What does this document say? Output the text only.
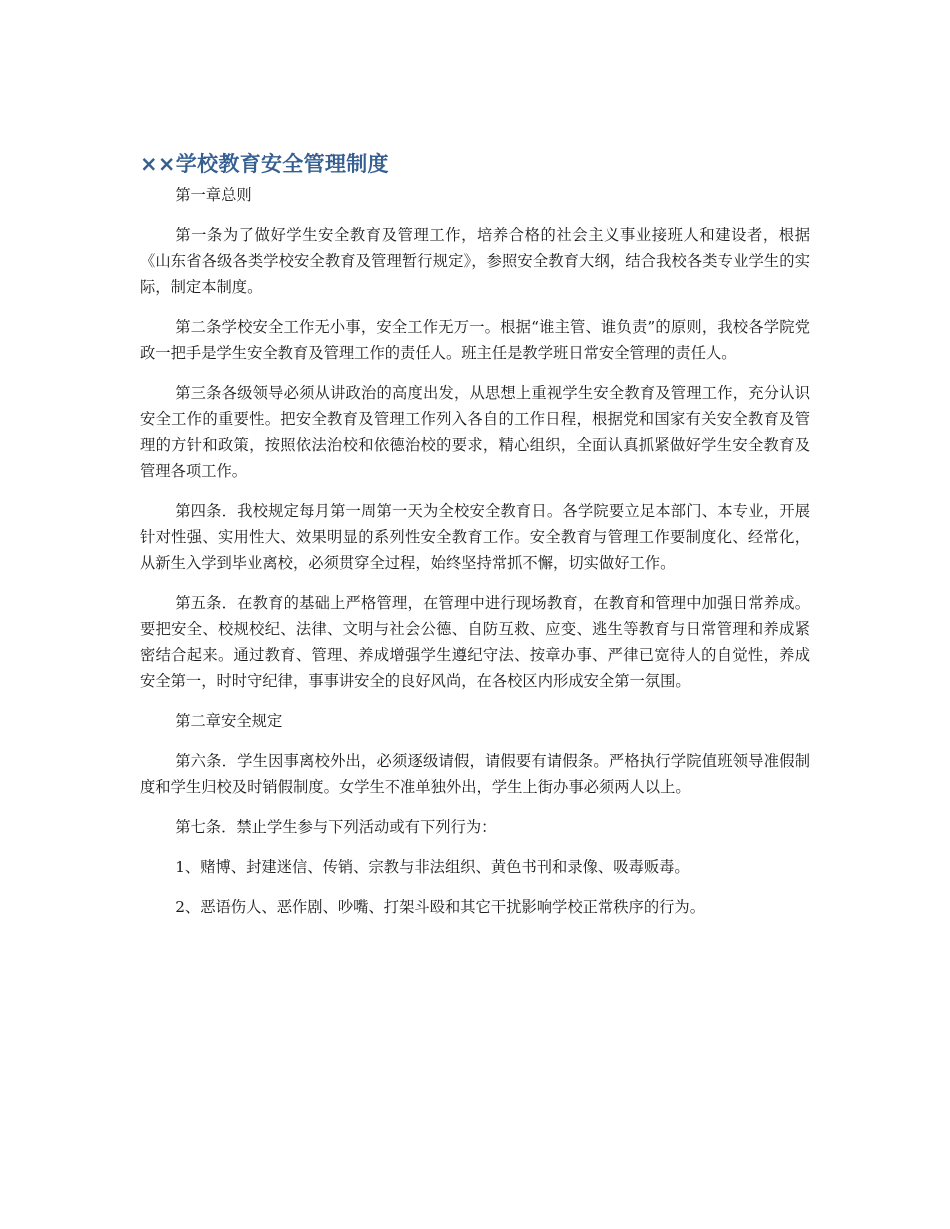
××学校教育安全管理制度

第一章总则

第一条为了做好学生安全教育及管理工作，培养合格的社会主义事业接班人和建设者，根据《山东省各级各类学校安全教育及管理暂行规定》，参照安全教育大纲，结合我校各类专业学生的实际，制定本制度。

第二条学校安全工作无小事，安全工作无万一。根据“谁主管、谁负责”的原则，我校各学院党政一把手是学生安全教育及管理工作的责任人。班主任是教学班日常安全管理的责任人。

第三条各级领导必须从讲政治的高度出发，从思想上重视学生安全教育及管理工作，充分认识安全工作的重要性。把安全教育及管理工作列入各自的工作日程，根据党和国家有关安全教育及管理的方针和政策，按照依法治校和依德治校的要求，精心组织，全面认真抓紧做好学生安全教育及管理各项工作。

第四条．我校规定每月第一周第一天为全校安全教育日。各学院要立足本部门、本专业，开展针对性强、实用性大、效果明显的系列性安全教育工作。安全教育与管理工作要制度化、经常化，从新生入学到毕业离校，必须贯穿全过程，始终坚持常抓不懈，切实做好工作。

第五条．在教育的基础上严格管理，在管理中进行现场教育，在教育和管理中加强日常养成。要把安全、校规校纪、法律、文明与社会公德、自防互救、应变、逃生等教育与日常管理和养成紧密结合起来。通过教育、管理、养成增强学生遵纪守法、按章办事、严律已宽待人的自觉性，养成安全第一，时时守纪律，事事讲安全的良好风尚，在各校区内形成安全第一氛围。

第二章安全规定

第六条．学生因事离校外出，必须逐级请假，请假要有请假条。严格执行学院值班领导准假制度和学生归校及时销假制度。女学生不准单独外出，学生上街办事必须两人以上。

第七条．禁止学生参与下列活动或有下列行为：

1、赌博、封建迷信、传销、宗教与非法组织、黄色书刊和录像、吸毒贩毒。

2、恶语伤人、恶作剧、吵嘴、打架斗殴和其它干扰影响学校正常秩序的行为。
